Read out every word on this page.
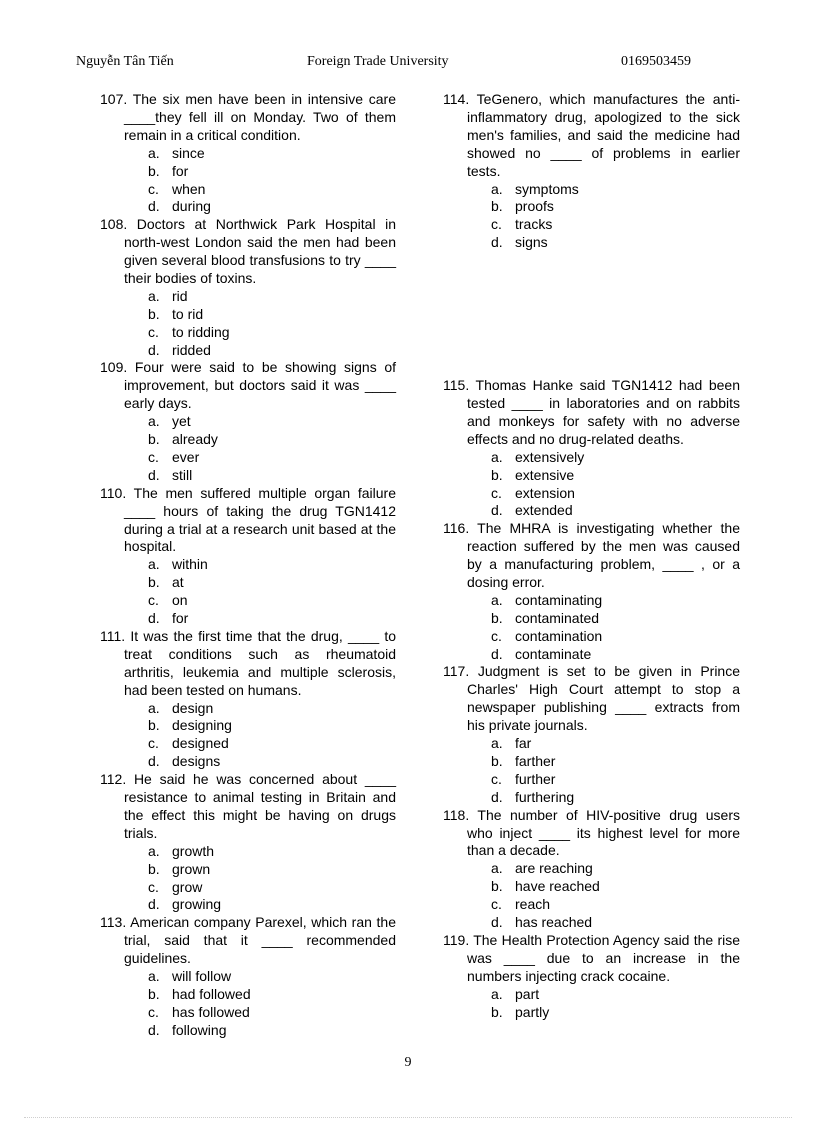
Nguyễn Tân Tiến	Foreign Trade University	0169503459
107. The six men have been in intensive care ____they fell ill on Monday. Two of them remain in a critical condition.
a. since
b. for
c. when
d. during
108. Doctors at Northwick Park Hospital in north-west London said the men had been given several blood transfusions to try ____ their bodies of toxins.
a. rid
b. to rid
c. to ridding
d. ridded
109. Four were said to be showing signs of improvement, but doctors said it was ____ early days.
a. yet
b. already
c. ever
d. still
110. The men suffered multiple organ failure ____ hours of taking the drug TGN1412 during a trial at a research unit based at the hospital.
a. within
b. at
c. on
d. for
111. It was the first time that the drug, ____ to treat conditions such as rheumatoid arthritis, leukemia and multiple sclerosis, had been tested on humans.
a. design
b. designing
c. designed
d. designs
112. He said he was concerned about ____ resistance to animal testing in Britain and the effect this might be having on drugs trials.
a. growth
b. grown
c. grow
d. growing
113. American company Parexel, which ran the trial, said that it ____ recommended guidelines.
a. will follow
b. had followed
c. has followed
d. following
114. TeGenero, which manufactures the anti-inflammatory drug, apologized to the sick men's families, and said the medicine had showed no ____ of problems in earlier tests.
a. symptoms
b. proofs
c. tracks
d. signs
115. Thomas Hanke said TGN1412 had been tested ____ in laboratories and on rabbits and monkeys for safety with no adverse effects and no drug-related deaths.
a. extensively
b. extensive
c. extension
d. extended
116. The MHRA is investigating whether the reaction suffered by the men was caused by a manufacturing problem, ____ , or a dosing error.
a. contaminating
b. contaminated
c. contamination
d. contaminate
117. Judgment is set to be given in Prince Charles' High Court attempt to stop a newspaper publishing ____ extracts from his private journals.
a. far
b. farther
c. further
d. furthering
118. The number of HIV-positive drug users who inject ____ its highest level for more than a decade.
a. are reaching
b. have reached
c. reach
d. has reached
119. The Health Protection Agency said the rise was ____ due to an increase in the numbers injecting crack cocaine.
a. part
b. partly
9
